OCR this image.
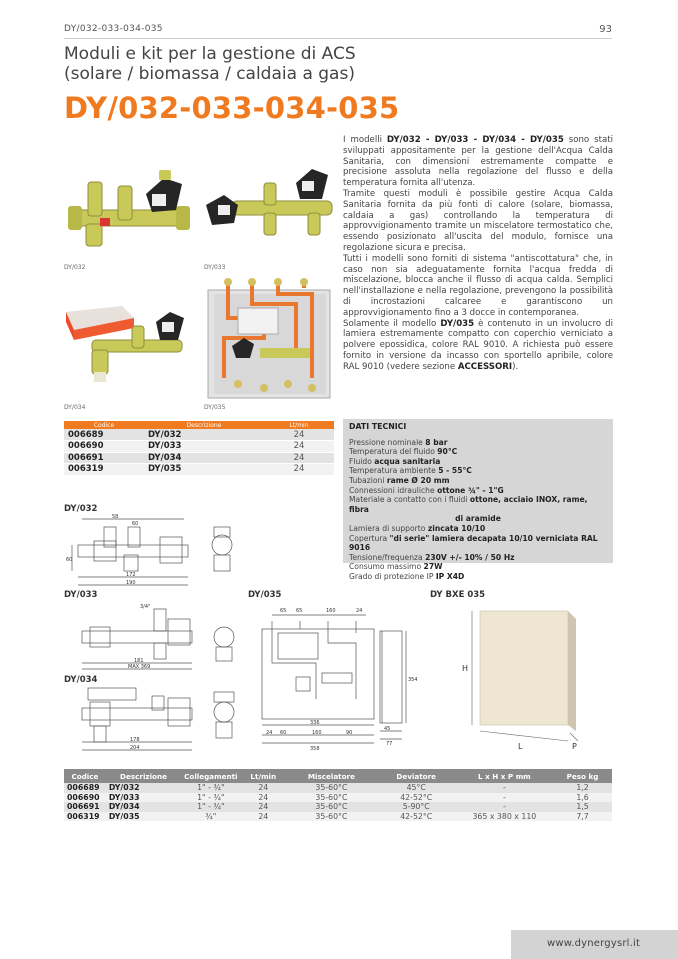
DY/032-033-034-035	93
Moduli e kit per la gestione di ACS
(solare / biomassa / caldaia a gas)
DY/032-033-034-035
DY/032	DY/033
DY/034	DY/035
I modelli DY/032 - DY/033 - DY/034 - DY/035 sono stati sviluppati appositamente per la gestione dell'Acqua Calda Sanitaria, con dimensioni estremamente compatte e precisione assoluta nella regolazione del flusso e della temperatura fornita all'utenza.
Tramite questi moduli è possibile gestire Acqua Calda Sanitaria fornita da più fonti di calore (solare, biomassa, caldaia a gas) controllando la temperatura di approvvigionamento tramite un miscelatore termostatico che, essendo posizionato all'uscita del modulo, fornisce una regolazione sicura e precisa.
Tutti i modelli sono forniti di sistema "antiscottatura" che, in caso non sia adeguatamente fornita l'acqua fredda di miscelazione, blocca anche il flusso di acqua calda. Semplici nell'installazione e nella regolazione, prevengono la possibilità di incrostazioni calcaree e garantiscono un approvvigionamento fino a 3 docce in contemporanea.
Solamente il modello DY/035 è contenuto in un involucro di lamiera estremamente compatto con coperchio verniciato a polvere epossidica, colore RAL 9010. A richiesta può essere fornito in versione da incasso con sportello apribile, colore RAL 9010 (vedere sezione ACCESSORI).
Codice	Descrizione	Lt/min
006689	DY/032	24
006690	DY/033	24
006691	DY/034	24
006319	DY/035	24
DATI TECNICI
Pressione nominale 8 bar
Temperatura del fluido 90°C
Fluido acqua sanitaria
Temperatura ambiente 5 - 55°C
Tubazioni rame Ø 20 mm
Connessioni idrauliche ottone ¾" - 1"G
Materiale a contatto con i fluidi ottone, acciaio INOX, rame, fibra
di aramide
Lamiera di supporto zincata 10/10
Copertura "di serie" lamiera decapata 10/10 verniciata RAL 9016
Tensione/frequenza 230V +/- 10% / 50 Hz
Consumo massimo 27W
Grado di protezione IP IP X4D
DY/032
58
60
172
190
60
DY/033
3/4"
181
MAX 369
DY/034
178
204
DY/035
65 65	160	24
336
24 60	160	90
358
354
45
77
DY BXE 035
H
L	P
Codice	Descrizione	Collegamenti	Lt/min	Miscelatore	Deviatore	L x H x P mm	Peso kg
006689	DY/032	1" - ¾"	24	35-60°C	45°C	-	1,2
006690	DY/033	1" - ¾"	24	35-60°C	42-52°C	-	1,6
006691	DY/034	1" - ¾"	24	35-60°C	5-90°C	-	1,5
006319	DY/035	¾"	24	35-60°C	42-52°C	365 x 380 x 110	7,7
www.dynergysrl.it
